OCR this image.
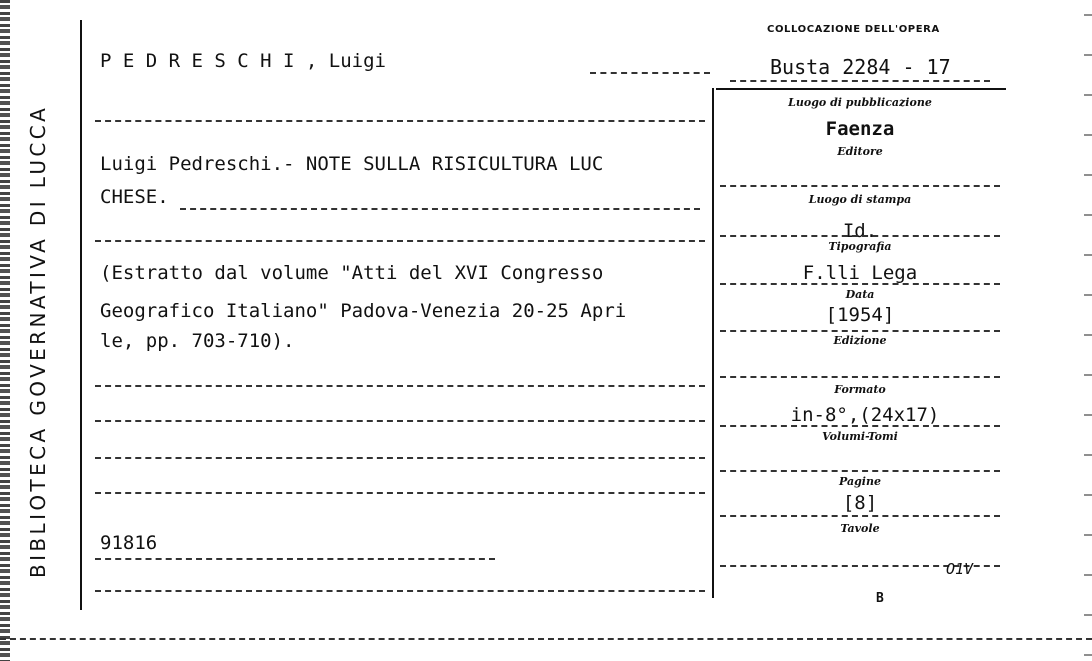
BIBLIOTECA GOVERNATIVA DI LUCCA
P E D R E S C H I , Luigi
Luigi Pedreschi.- NOTE SULLA RISICULTURA LUC
CHESE.
(Estratto dal volume "Atti del XVI Congresso
Geografico Italiano" Padova-Venezia 20-25 Apri
le, pp. 703-710).
91816
COLLOCAZIONE DELL'OPERA
Busta 2284 - 17
Luogo di pubblicazione
Faenza
Editore
Luogo di stampa
Id.
Tipografia
F.lli Lega
Data
[1954]
Edizione
Formato
in-8°,(24x17)
Volumi-Tomi
Pagine
[8]
Tavole
O1V
B
